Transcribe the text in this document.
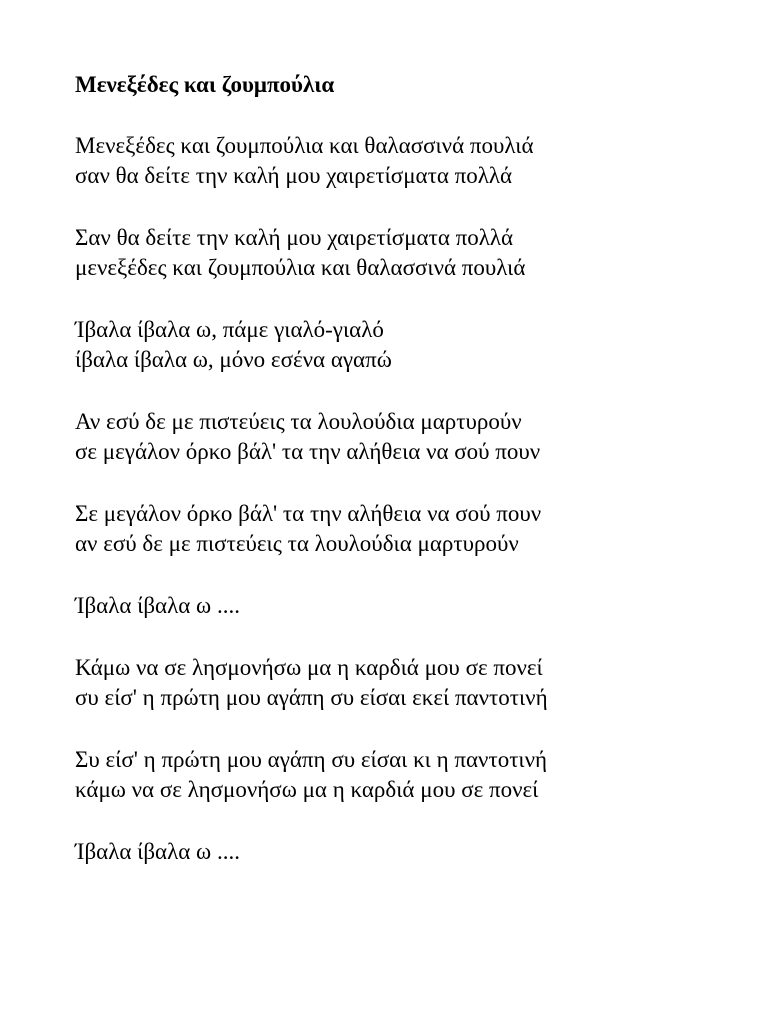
Μενεξέδες και ζουμπούλια
Μενεξέδες και ζουμπούλια και θαλασσινά πουλιά
σαν θα δείτε την καλή μου χαιρετίσματα πολλά
Σαν θα δείτε την καλή μου χαιρετίσματα πολλά
μενεξέδες και ζουμπούλια και θαλασσινά πουλιά
Ίβαλα ίβαλα ω, πάμε γιαλό-γιαλό
ίβαλα ίβαλα ω, μόνο εσένα αγαπώ
Αν εσύ δε με πιστεύεις τα λουλούδια μαρτυρούν
σε μεγάλον όρκο βάλ' τα την αλήθεια να σού πουν
Σε μεγάλον όρκο βάλ' τα την αλήθεια να σού πουν
αν εσύ δε με πιστεύεις τα λουλούδια μαρτυρούν
Ίβαλα ίβαλα ω ....
Κάμω να σε λησμονήσω μα η καρδιά μου σε πονεί
συ είσ' η πρώτη μου αγάπη συ είσαι εκεί παντοτινή
Συ είσ' η πρώτη μου αγάπη συ είσαι κι η παντοτινή
κάμω να σε λησμονήσω μα η καρδιά μου σε πονεί
Ίβαλα ίβαλα ω ....
